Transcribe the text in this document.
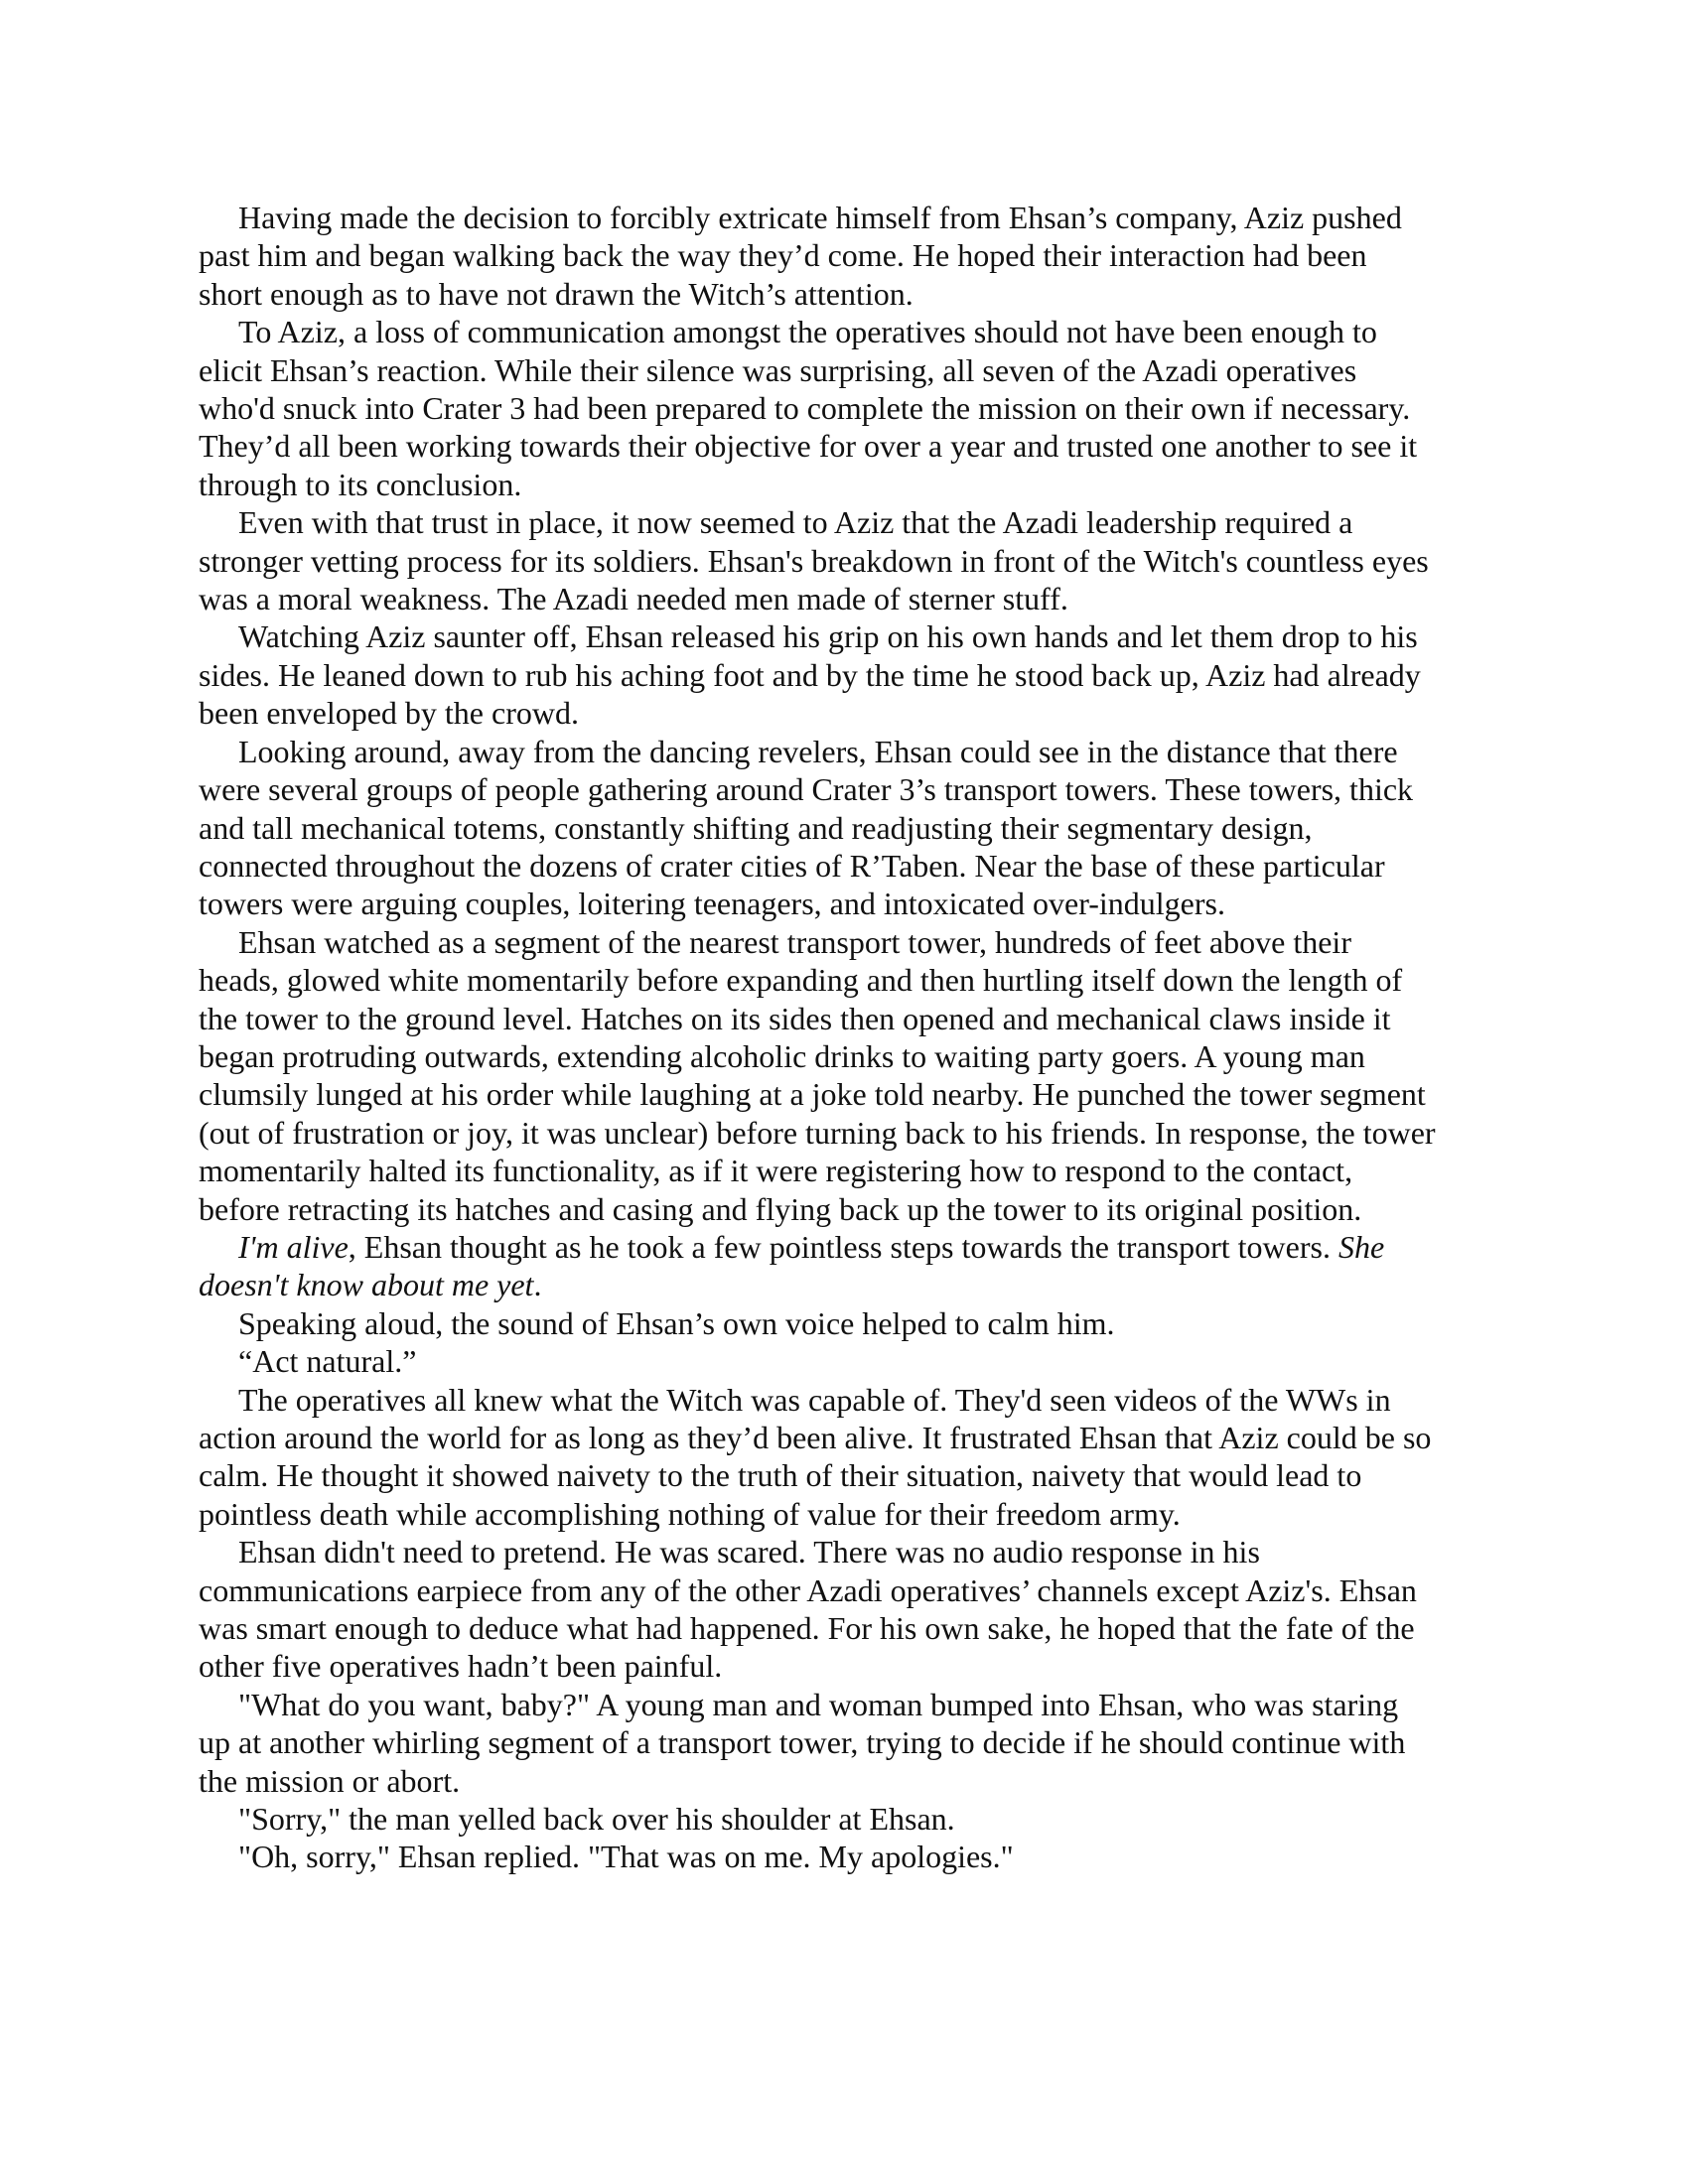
Having made the decision to forcibly extricate himself from Ehsan’s company, Aziz pushed
past him and began walking back the way they’d come. He hoped their interaction had been
short enough as to have not drawn the Witch’s attention.

To Aziz, a loss of communication amongst the operatives should not have been enough to
elicit Ehsan’s reaction. While their silence was surprising, all seven of the Azadi operatives
who'd snuck into Crater 3 had been prepared to complete the mission on their own if necessary.
They’d all been working towards their objective for over a year and trusted one another to see it
through to its conclusion.

Even with that trust in place, it now seemed to Aziz that the Azadi leadership required a
stronger vetting process for its soldiers. Ehsan's breakdown in front of the Witch's countless eyes
was a moral weakness. The Azadi needed men made of sterner stuff.

Watching Aziz saunter off, Ehsan released his grip on his own hands and let them drop to his
sides. He leaned down to rub his aching foot and by the time he stood back up, Aziz had already
been enveloped by the crowd.

Looking around, away from the dancing revelers, Ehsan could see in the distance that there
were several groups of people gathering around Crater 3’s transport towers. These towers, thick
and tall mechanical totems, constantly shifting and readjusting their segmentary design,
connected throughout the dozens of crater cities of R’Taben. Near the base of these particular
towers were arguing couples, loitering teenagers, and intoxicated over-indulgers.

Ehsan watched as a segment of the nearest transport tower, hundreds of feet above their
heads, glowed white momentarily before expanding and then hurtling itself down the length of
the tower to the ground level. Hatches on its sides then opened and mechanical claws inside it
began protruding outwards, extending alcoholic drinks to waiting party goers. A young man
clumsily lunged at his order while laughing at a joke told nearby. He punched the tower segment
(out of frustration or joy, it was unclear) before turning back to his friends. In response, the tower
momentarily halted its functionality, as if it were registering how to respond to the contact,
before retracting its hatches and casing and flying back up the tower to its original position.

I'm alive, Ehsan thought as he took a few pointless steps towards the transport towers. She
doesn't know about me yet.

Speaking aloud, the sound of Ehsan’s own voice helped to calm him.

“Act natural.”

The operatives all knew what the Witch was capable of. They'd seen videos of the WWs in
action around the world for as long as they’d been alive. It frustrated Ehsan that Aziz could be so
calm. He thought it showed naivety to the truth of their situation, naivety that would lead to
pointless death while accomplishing nothing of value for their freedom army.

Ehsan didn't need to pretend. He was scared. There was no audio response in his
communications earpiece from any of the other Azadi operatives’ channels except Aziz's. Ehsan
was smart enough to deduce what had happened. For his own sake, he hoped that the fate of the
other five operatives hadn’t been painful.

"What do you want, baby?" A young man and woman bumped into Ehsan, who was staring
up at another whirling segment of a transport tower, trying to decide if he should continue with
the mission or abort.

"Sorry," the man yelled back over his shoulder at Ehsan.

"Oh, sorry," Ehsan replied. "That was on me. My apologies."
